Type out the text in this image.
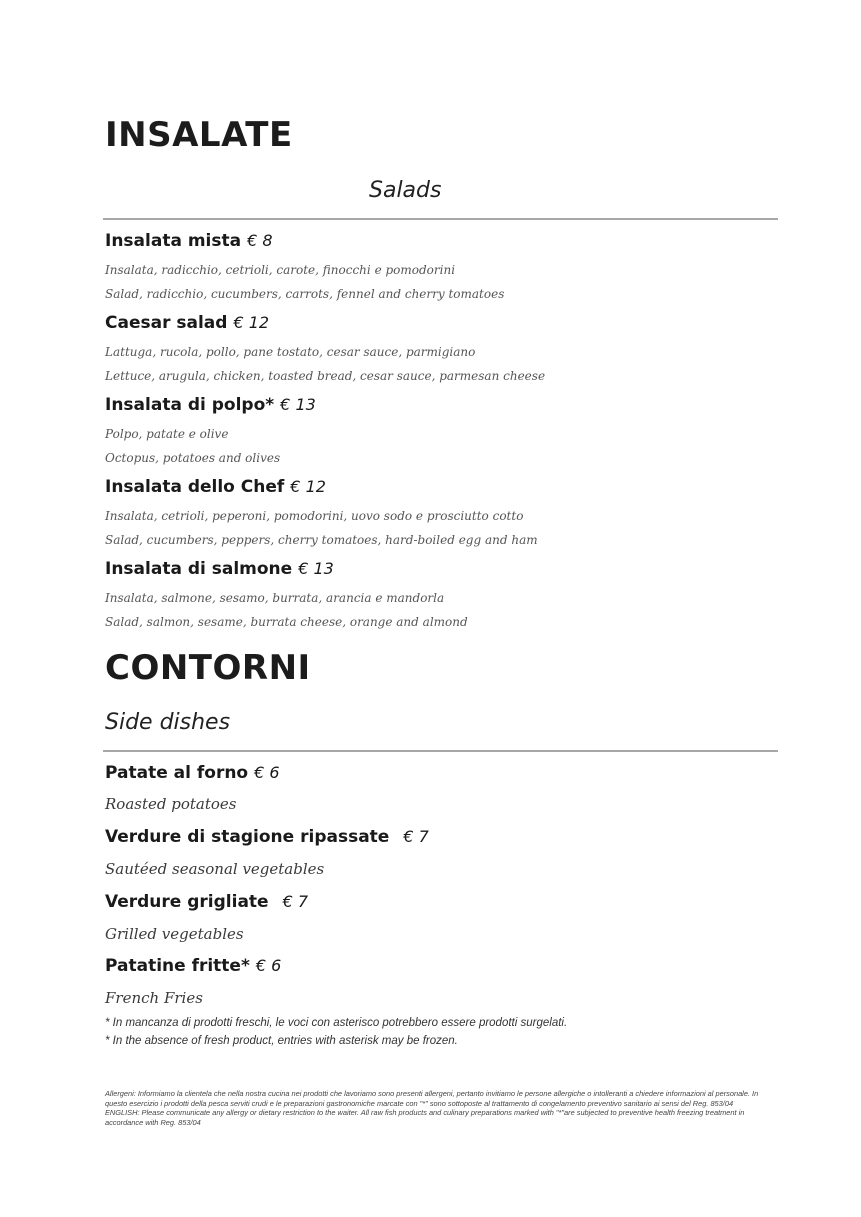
INSALATE
Salads
Insalata mista € 8
Insalata, radicchio, cetrioli, carote, finocchi e pomodorini
Salad, radicchio, cucumbers, carrots, fennel and cherry tomatoes
Caesar salad € 12
Lattuga, rucola, pollo, pane tostato, cesar sauce, parmigiano
Lettuce, arugula, chicken, toasted bread, cesar sauce, parmesan cheese
Insalata di polpo* € 13
Polpo, patate e olive
Octopus, potatoes and olives
Insalata dello Chef € 12
Insalata, cetrioli, peperoni, pomodorini, uovo sodo e prosciutto cotto
Salad, cucumbers, peppers, cherry tomatoes, hard-boiled egg and ham
Insalata di salmone € 13
Insalata, salmone, sesamo, burrata, arancia e mandorla
Salad, salmon, sesame, burrata cheese, orange and almond
CONTORNI
Side dishes
Patate al forno € 6
Roasted potatoes
Verdure di stagione ripassate € 7
Sautéed seasonal vegetables
Verdure grigliate € 7
Grilled vegetables
Patatine fritte* € 6
French Fries
* In mancanza di prodotti freschi, le voci con asterisco potrebbero essere prodotti surgelati.
* In the absence of fresh product, entries with asterisk may be frozen.

Allergeni: Informiamo la clientela che nella nostra cucina nei prodotti che lavoriamo sono presenti allergeni, pertanto invitiamo le persone allergiche o intolleranti a chiedere informazioni al personale. In questo esercizio i prodotti della pesca serviti crudi e le preparazioni gastronomiche marcate con "*" sono sottoposte al trattamento di congelamento preventivo sanitario ai sensi del Reg. 853/04

ENGLISH: Please communicate any allergy or dietary restriction to the waiter. All raw fish products and culinary preparations marked with "*"are subjected to preventive health freezing treatment in accordance with Reg. 853/04
